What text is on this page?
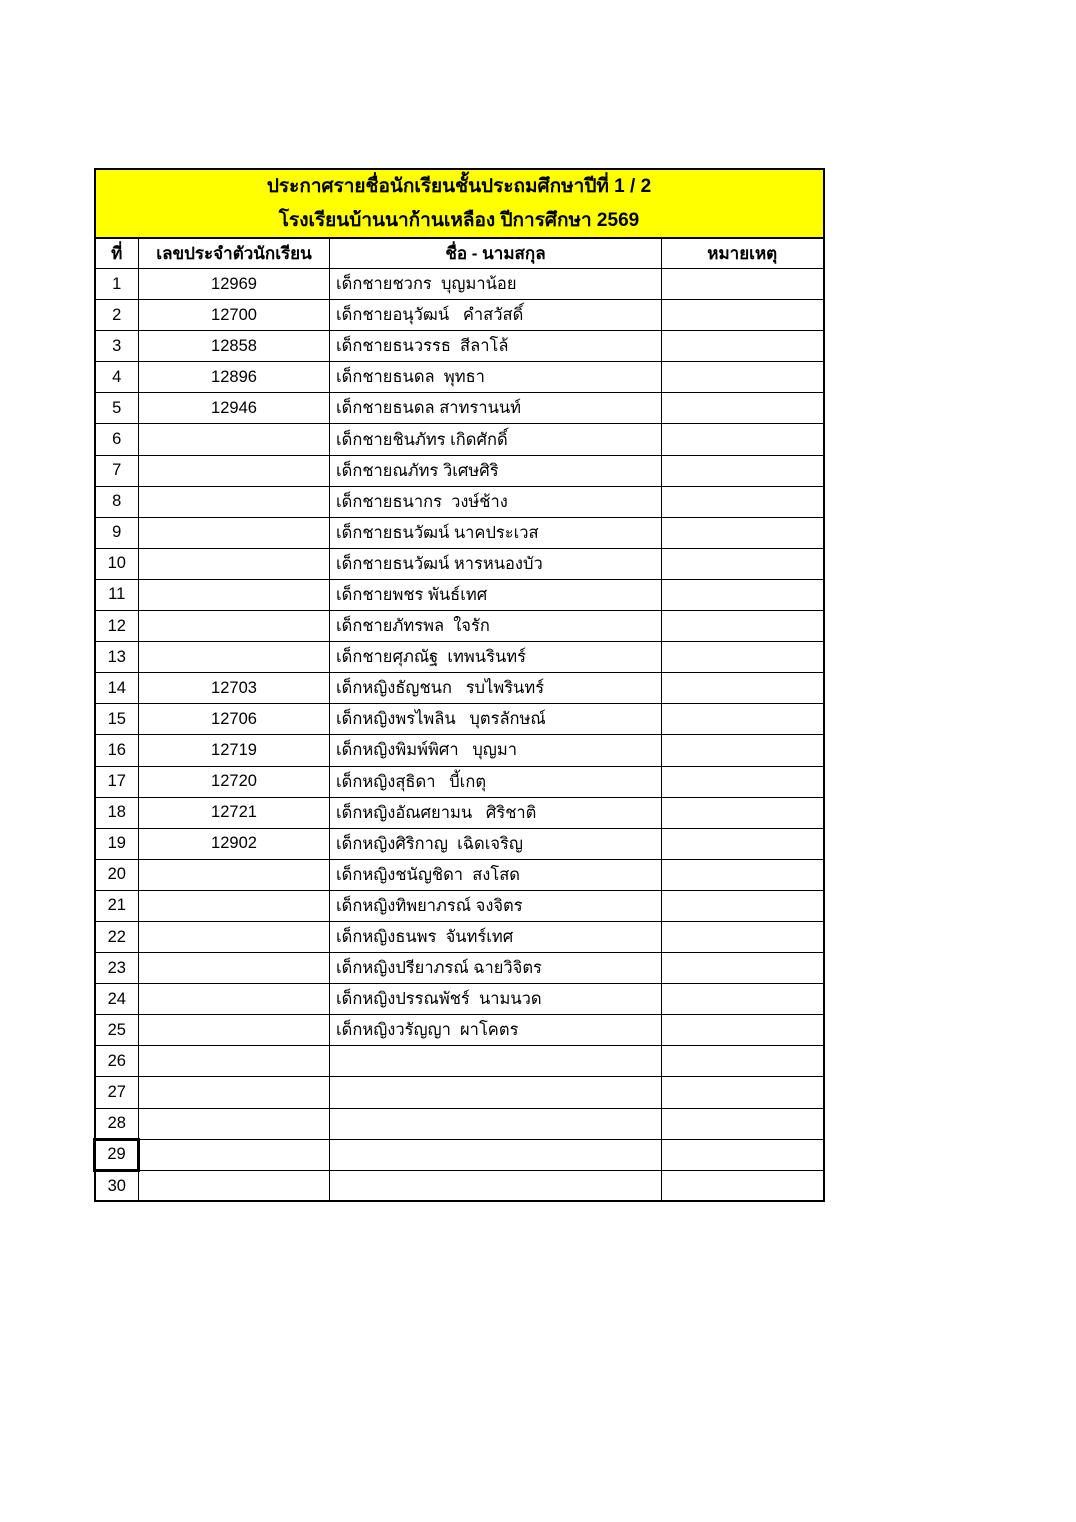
ประกาศรายชื่อนักเรียนชั้นประถมศึกษาปีที่ 1 / 2
โรงเรียนบ้านนาก้านเหลือง ปีการศึกษา 2569			

ที่	เลขประจำตัวนักเรียน	ชื่อ - นามสกุล	หมายเหตุ
1	12969	เด็กชายชวกร  บุญมาน้อย	
2	12700	เด็กชายอนุวัฒน์   คำสวัสดิ์	
3	12858	เด็กชายธนวรรธ  สีลาโล้	
4	12896	เด็กชายธนดล  พุทธา	
5	12946	เด็กชายธนดล สาทรานนท์	
6		เด็กชายชินภัทร เกิดศักดิ์	
7		เด็กชายณภัทร วิเศษศิริ	
8		เด็กชายธนากร  วงษ์ช้าง	
9		เด็กชายธนวัฒน์ นาคประเวส	
10		เด็กชายธนวัฒน์ หารหนองบัว	
11		เด็กชายพชร พันธ์เทศ	
12		เด็กชายภัทรพล  ใจรัก	
13		เด็กชายศุภณัฐ  เทพนรินทร์	
14	12703	เด็กหญิงธัญชนก   รบไพรินทร์	
15	12706	เด็กหญิงพรไพลิน   บุตรลักษณ์	
16	12719	เด็กหญิงพิมพ์พิศา   บุญมา	
17	12720	เด็กหญิงสุธิดา   บี้เกตุ	
18	12721	เด็กหญิงอัณศยามน   ศิริชาติ	
19	12902	เด็กหญิงศิริกาญ  เฉิดเจริญ	
20		เด็กหญิงชนัญชิดา  สงโสด	
21		เด็กหญิงทิพยาภรณ์ จงจิตร	
22		เด็กหญิงธนพร  จันทร์เทศ	
23		เด็กหญิงปรียาภรณ์ ฉายวิจิตร	
24		เด็กหญิงปรรณพัชร์  นามนวด	
25		เด็กหญิงวรัญญา  ผาโคตร	
26			
27			
28			
29			
30			
